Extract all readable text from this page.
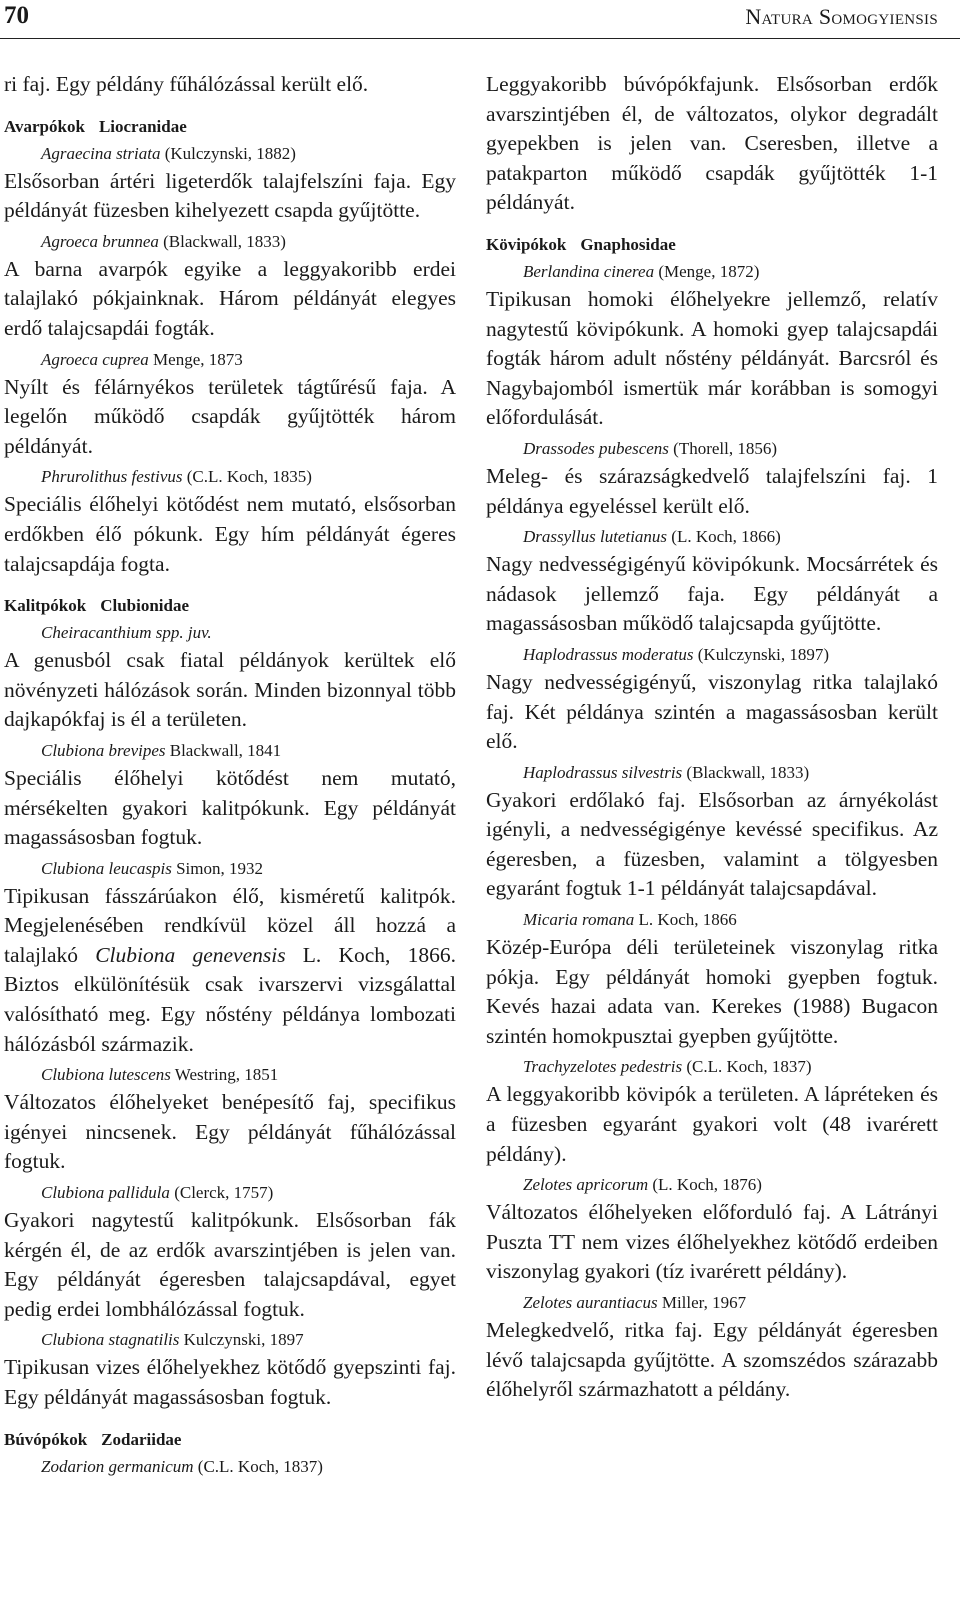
70	Natura Somogyiensis

ri faj. Egy példány fűhálózással került elő.

Avarpókok Liocranidae
Agraecina striata (Kulczynski, 1882)

Elsősorban ártéri ligeterdők talajfelszíni faja. Egy példányát füzesben kihelyezett csapda gyűjtötte.

Agroeca brunnea (Blackwall, 1833)

A barna avarpók egyike a leggyakoribb erdei talajlakó pókjainknak. Három példányát elegyes erdő talajcsapdái fogták.

Agroeca cuprea Menge, 1873

Nyílt és félárnyékos területek tágtűrésű faja. A legelőn működő csapdák gyűjtötték három példányát.

Phrurolithus festivus (C.L. Koch, 1835)

Speciális élőhelyi kötődést nem mutató, elsősorban erdőkben élő pókunk. Egy hím példányát égeres talajcsapdája fogta.

Kalitpókok Clubionidae
Cheiracanthium spp. juv.

A genusból csak fiatal példányok kerültek elő növényzeti hálózások során. Minden bizonnyal több dajkapókfaj is él a területen.

Clubiona brevipes Blackwall, 1841

Speciális élőhelyi kötődést nem mutató, mérsékelten gyakori kalitpókunk. Egy példányát magassásosban fogtuk.

Clubiona leucaspis Simon, 1932

Tipikusan fásszárúakon élő, kisméretű kalitpók. Megjelenésében rendkívül közel áll hozzá a talajlakó Clubiona genevensis L. Koch, 1866. Biztos elkülönítésük csak ivarszervi vizsgálattal valósítható meg. Egy nőstény példánya lombozati hálózásból származik.

Clubiona lutescens Westring, 1851

Változatos élőhelyeket benépesítő faj, specifikus igényei nincsenek. Egy példányát fűhálózással fogtuk.

Clubiona pallidula (Clerck, 1757)

Gyakori nagytestű kalitpókunk. Elsősorban fák kérgén él, de az erdők avarszintjében is jelen van. Egy példányát égeresben talajcsapdával, egyet pedig erdei lombhálózással fogtuk.

Clubiona stagnatilis Kulczynski, 1897

Tipikusan vizes élőhelyekhez kötődő gyepszinti faj. Egy példányát magassásosban fogtuk.

Búvópókok Zodariidae
Zodarion germanicum (C.L. Koch, 1837)

Leggyakoribb búvópókfajunk. Elsősorban erdők avarszintjében él, de változatos, olykor degradált gyepekben is jelen van. Cseresben, illetve a patakparton működő csapdák gyűjtötték 1-1 példányát.

Kövipókok Gnaphosidae
Berlandina cinerea (Menge, 1872)

Tipikusan homoki élőhelyekre jellemző, relatív nagytestű kövipókunk. A homoki gyep talajcsapdái fogták három adult nőstény példányát. Barcsról és Nagybajomból ismertük már korábban is somogyi előfordulását.

Drassodes pubescens (Thorell, 1856)

Meleg- és szárazságkedvelő talajfelszíni faj. 1 példánya egyeléssel került elő.

Drassyllus lutetianus (L. Koch, 1866)

Nagy nedvességigényű kövipókunk. Mocsárrétek és nádasok jellemző faja. Egy példányát a magassásosban működő talajcsapda gyűjtötte.

Haplodrassus moderatus (Kulczynski, 1897)

Nagy nedvességigényű, viszonylag ritka talajlakó faj. Két példánya szintén a magassásosban került elő.

Haplodrassus silvestris (Blackwall, 1833)

Gyakori erdőlakó faj. Elsősorban az árnyékolást igényli, a nedvességigénye kevéssé specifikus. Az égeresben, a füzesben, valamint a tölgyesben egyaránt fogtuk 1-1 példányát talajcsapdával.

Micaria romana L. Koch, 1866

Közép-Európa déli területeinek viszonylag ritka pókja. Egy példányát homoki gyepben fogtuk. Kevés hazai adata van. Kerekes (1988) Bugacon szintén homokpusztai gyepben gyűjtötte.

Trachyzelotes pedestris (C.L. Koch, 1837)

A leggyakoribb kövipók a területen. A lápréteken és a füzesben egyaránt gyakori volt (48 ivarérett példány).

Zelotes apricorum (L. Koch, 1876)

Változatos élőhelyeken előforduló faj. A Látrányi Puszta TT nem vizes élőhelyekhez kötődő erdeiben viszonylag gyakori (tíz ivarérett példány).

Zelotes aurantiacus Miller, 1967

Melegkedvelő, ritka faj. Egy példányát égeresben lévő talajcsapda gyűjtötte. A szomszédos szárazabb élőhelyről származhatott a példány.
